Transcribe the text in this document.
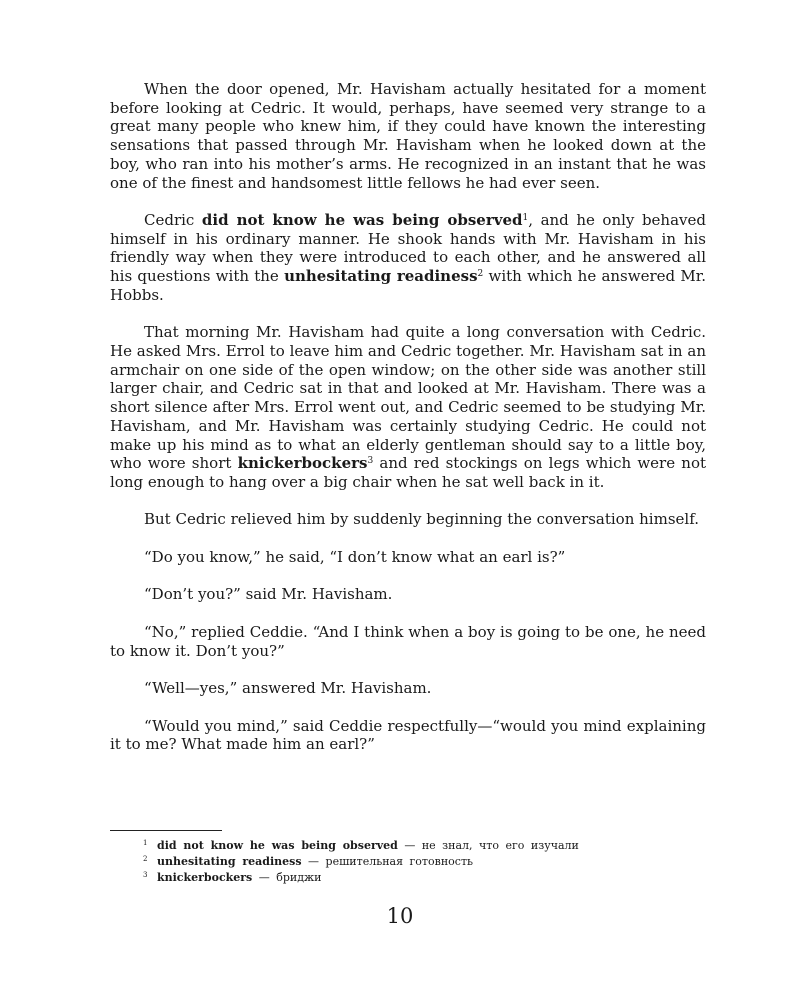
When the door opened, Mr. Havisham actually hesitated for a moment before looking at Cedric. It would, perhaps, have seemed very strange to a great many people who knew him, if they could have known the interesting sensations that passed through Mr. Havisham when he looked down at the boy, who ran into his mother’s arms. He recognized in an instant that he was one of the finest and handsomest little fellows he had ever seen.

Cedric did not know he was being observed$^1$, and he only behaved himself in his ordinary manner. He shook hands with Mr. Havisham in his friendly way when they were introduced to each other, and he answered all his questions with the unhesitating readiness$^2$ with which he answered Mr. Hobbs.

That morning Mr. Havisham had quite a long conversation with Cedric. He asked Mrs. Errol to leave him and Cedric together. Mr. Havisham sat in an armchair on one side of the open window; on the other side was another still larger chair, and Cedric sat in that and looked at Mr. Havisham. There was a short silence after Mrs. Errol went out, and Cedric seemed to be studying Mr. Havisham, and Mr. Havisham was certainly studying Cedric. He could not make up his mind as to what an elderly gentleman should say to a little boy, who wore short knickerbockers$^3$ and red stockings on legs which were not long enough to hang over a big chair when he sat well back in it.

But Cedric relieved him by suddenly beginning the conversation himself.

“Do you know,” he said, “I don’t know what an earl is?”

“Don’t you?” said Mr. Havisham.

“No,” replied Ceddie. “And I think when a boy is going to be one, he need to know it. Don’t you?”

“Well—yes,” answered Mr. Havisham.

“Would you mind,” said Ceddie respectfully—“would you mind explaining it to me? What made him an earl?”

1 did not know he was being observed — не знал, что его изучали
2 unhesitating readiness — решительная готовность
3 knickerbockers — бриджи
10
